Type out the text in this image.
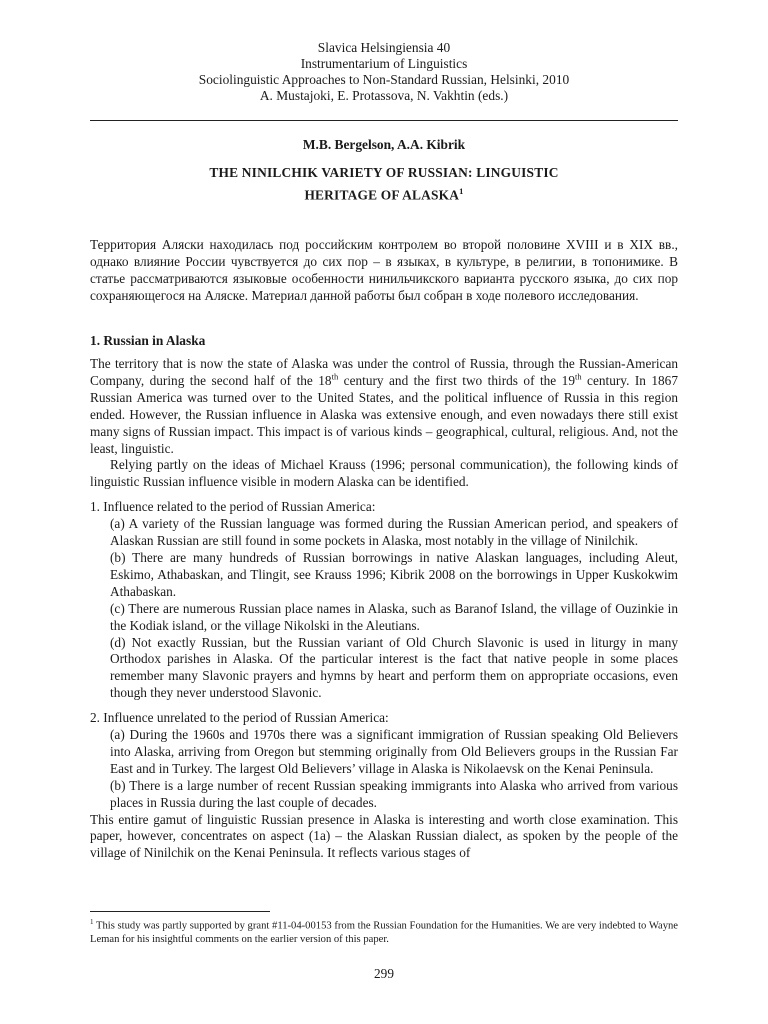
Slavica Helsingiensia 40
Instrumentarium of Linguistics
Sociolinguistic Approaches to Non-Standard Russian, Helsinki, 2010
A. Mustajoki, E. Protassova, N. Vakhtin (eds.)
M.B. Bergelson, A.A. Kibrik
THE NINILCHIK VARIETY OF RUSSIAN: LINGUISTIC
HERITAGE OF ALASKA$^1$
Территория Аляски находилась под российским контролем во второй половине XVIII и в XIX вв., однако влияние России чувствуется до сих пор – в языках, в культуре, в религии, в топонимике. В статье рассматриваются языковые особенности нинильчикского варианта русского языка, до сих пор сохраняющегося на Аляске. Материал данной работы был собран в ходе полевого исследования.
1. Russian in Alaska

The territory that is now the state of Alaska was under the control of Russia, through the Russian-American Company, during the second half of the 18th century and the first two thirds of the 19th century. In 1867 Russian America was turned over to the United States, and the political influence of Russia in this region ended. However, the Russian influence in Alaska was extensive enough, and even nowadays there still exist many signs of Russian impact. This impact is of various kinds – geographical, cultural, religious. And, not the least, linguistic.

Relying partly on the ideas of Michael Krauss (1996; personal communication), the following kinds of linguistic Russian influence visible in modern Alaska can be identified.

1. Influence related to the period of Russian America:

(a) A variety of the Russian language was formed during the Russian American period, and speakers of Alaskan Russian are still found in some pockets in Alaska, most notably in the village of Ninilchik.

(b) There are many hundreds of Russian borrowings in native Alaskan languages, including Aleut, Eskimo, Athabaskan, and Tlingit, see Krauss 1996; Kibrik 2008 on the borrowings in Upper Kuskokwim Athabaskan.

(c) There are numerous Russian place names in Alaska, such as Baranof Island, the village of Ouzinkie in the Kodiak island, or the village Nikolski in the Aleutians.

(d) Not exactly Russian, but the Russian variant of Old Church Slavonic is used in liturgy in many Orthodox parishes in Alaska. Of the particular interest is the fact that native people in some places remember many Slavonic prayers and hymns by heart and perform them on appropriate occasions, even though they never understood Slavonic.

2. Influence unrelated to the period of Russian America:

(a) During the 1960s and 1970s there was a significant immigration of Russian speaking Old Believers into Alaska, arriving from Oregon but stemming originally from Old Believers groups in the Russian Far East and in Turkey. The largest Old Believers’ village in Alaska is Nikolaevsk on the Kenai Peninsula.

(b) There is a large number of recent Russian speaking immigrants into Alaska who arrived from various places in Russia during the last couple of decades.

This entire gamut of linguistic Russian presence in Alaska is interesting and worth close examination. This paper, however, concentrates on aspect (1a) – the Alaskan Russian dialect, as spoken by the people of the village of Ninilchik on the Kenai Peninsula. It reflects various stages of

$^1$ This study was partly supported by grant #11-04-00153 from the Russian Foundation for the Humanities. We are very indebted to Wayne Leman for his insightful comments on the earlier version of this paper.
299
